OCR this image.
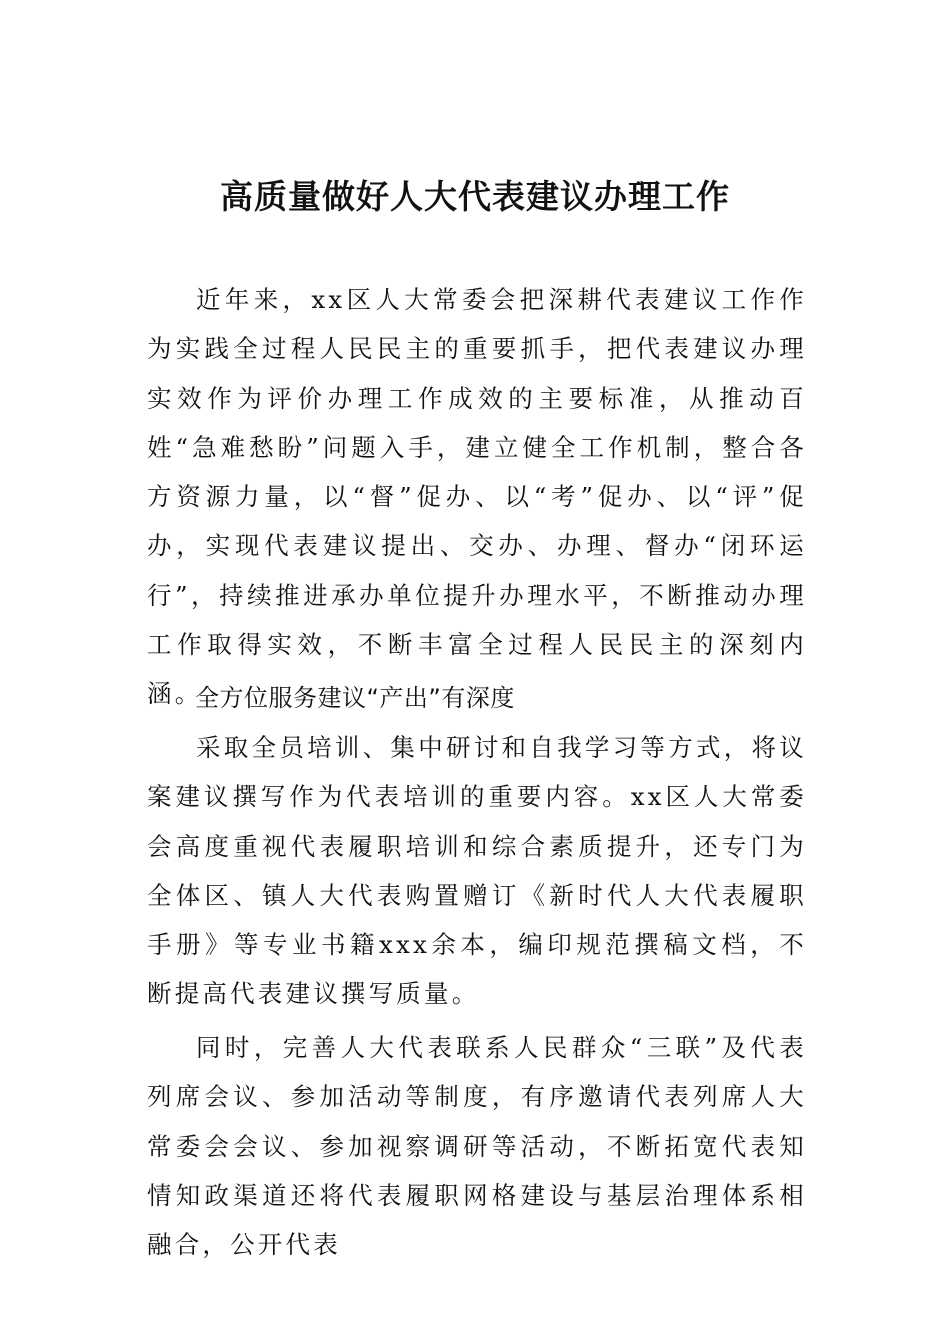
高质量做好人大代表建议办理工作

近年来，xx区人大常委会把深耕代表建议工作作为实践全过程人民民主的重要抓手，把代表建议办理实效作为评价办理工作成效的主要标准，从推动百姓“急难愁盼”问题入手，建立健全工作机制，整合各方资源力量，以“督”促办、以“考”促办、以“评”促办，实现代表建议提出、交办、办理、督办“闭环运行”，持续推进承办单位提升办理水平，不断推动办理工作取得实效，不断丰富全过程人民民主的深刻内涵。

全方位服务建议“产出”有深度

采取全员培训、集中研讨和自我学习等方式，将议案建议撰写作为代表培训的重要内容。xx区人大常委会高度重视代表履职培训和综合素质提升，还专门为全体区、镇人大代表购置赠订《新时代人大代表履职手册》等专业书籍xxx余本，编印规范撰稿文档，不断提高代表建议撰写质量。

同时，完善人大代表联系人民群众“三联”及代表列席会议、参加活动等制度，有序邀请代表列席人大常委会会议、参加视察调研等活动，不断拓宽代表知情知政渠道还将代表履职网格建设与基层治理体系相融合，公开代表
